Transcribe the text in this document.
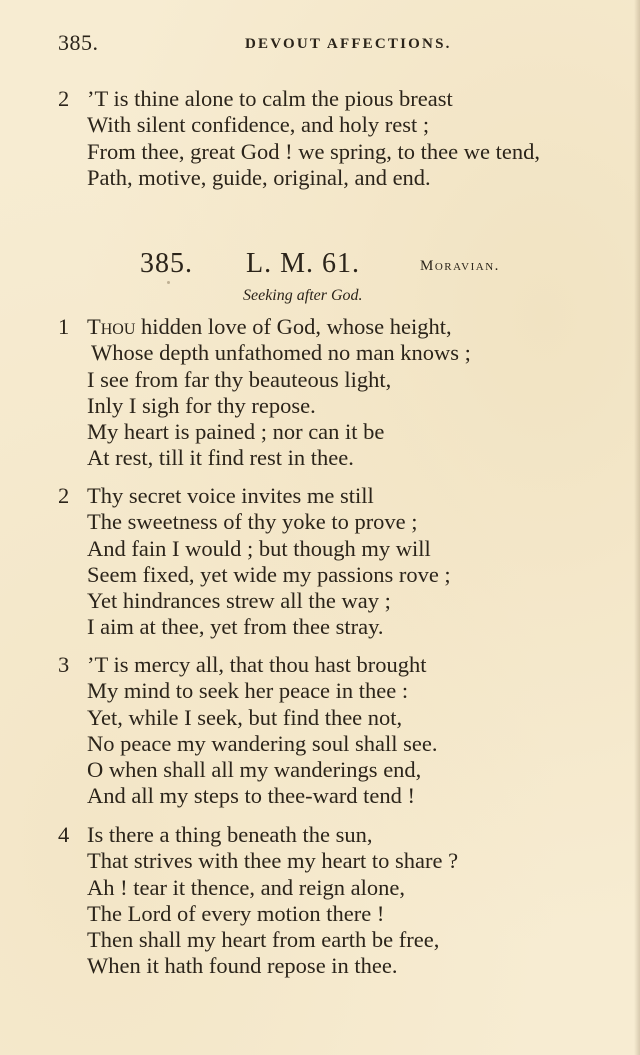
385.	DEVOUT AFFECTIONS.
2 ’T is thine alone to calm the pious breast
With silent confidence, and holy rest ;
From thee, great God ! we spring, to thee we tend,
Path, motive, guide, original, and end.
385. L. M. 61.	Moravian.
Seeking after God.
1 Thou hidden love of God, whose height,
Whose depth unfathomed no man knows ;
I see from far thy beauteous light,
Inly I sigh for thy repose.
My heart is pained ; nor can it be
At rest, till it find rest in thee.
2 Thy secret voice invites me still
The sweetness of thy yoke to prove ;
And fain I would ; but though my will
Seem fixed, yet wide my passions rove ;
Yet hindrances strew all the way ;
I aim at thee, yet from thee stray.
3 ’T is mercy all, that thou hast brought
My mind to seek her peace in thee :
Yet, while I seek, but find thee not,
No peace my wandering soul shall see.
O when shall all my wanderings end,
And all my steps to thee-ward tend !
4 Is there a thing beneath the sun,
That strives with thee my heart to share ?
Ah ! tear it thence, and reign alone,
The Lord of every motion there !
Then shall my heart from earth be free,
When it hath found repose in thee.
